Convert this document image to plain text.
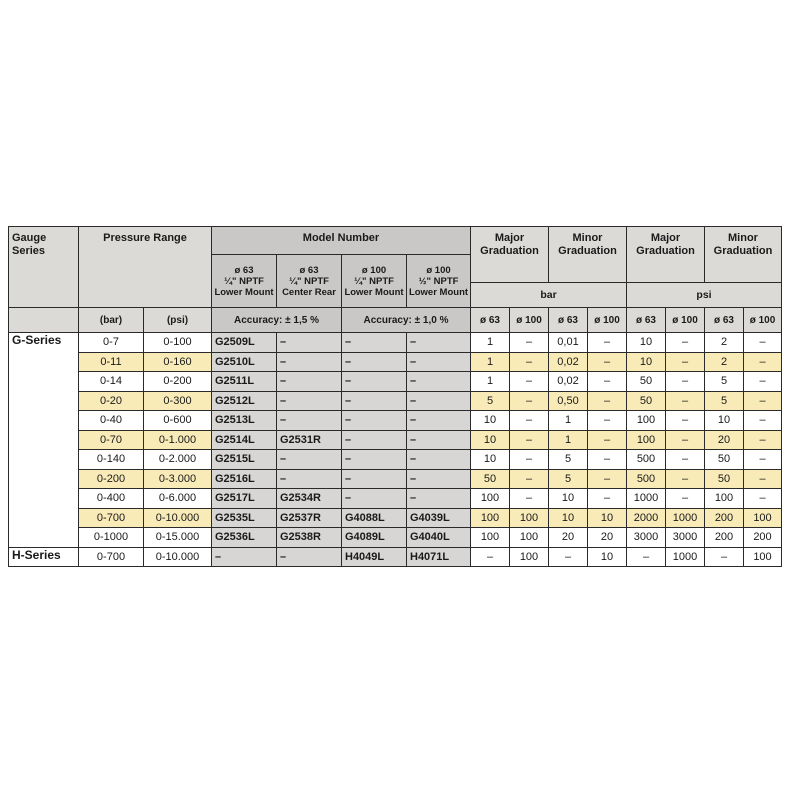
Gauge Series	Pressure Range		Model Number				Major Graduation		Minor Graduation		Major Graduation		Minor Graduation	
			ø 63
¼" NPTF
Lower Mount	ø 63
¼" NPTF
Center Rear	ø 100
¼" NPTF
Lower Mount	ø 100
½" NPTF
Lower Mount								
							bar				psi			
	(bar)	(psi)	Accuracy: ± 1,5 %		Accuracy: ± 1,0 %		ø 63	ø 100	ø 63	ø 100	ø 63	ø 100	ø 63	ø 100
G-Series	0-7	0-100	G2509L	–	–	–	1	–	0,01	–	10	–	2	–
	0-11	0-160	G2510L	–	–	–	1	–	0,02	–	10	–	2	–
	0-14	0-200	G2511L	–	–	–	1	–	0,02	–	50	–	5	–
	0-20	0-300	G2512L	–	–	–	5	–	0,50	–	50	–	5	–
	0-40	0-600	G2513L	–	–	–	10	–	1	–	100	–	10	–
	0-70	0-1.000	G2514L	G2531R	–	–	10	–	1	–	100	–	20	–
	0-140	0-2.000	G2515L	–	–	–	10	–	5	–	500	–	50	–
	0-200	0-3.000	G2516L	–	–	–	50	–	5	–	500	–	50	–
	0-400	0-6.000	G2517L	G2534R	–	–	100	–	10	–	1000	–	100	–
	0-700	0-10.000	G2535L	G2537R	G4088L	G4039L	100	100	10	10	2000	1000	200	100
	0-1000	0-15.000	G2536L	G2538R	G4089L	G4040L	100	100	20	20	3000	3000	200	200
H-Series	0-700	0-10.000	–	–	H4049L	H4071L	–	100	–	10	–	1000	–	100
